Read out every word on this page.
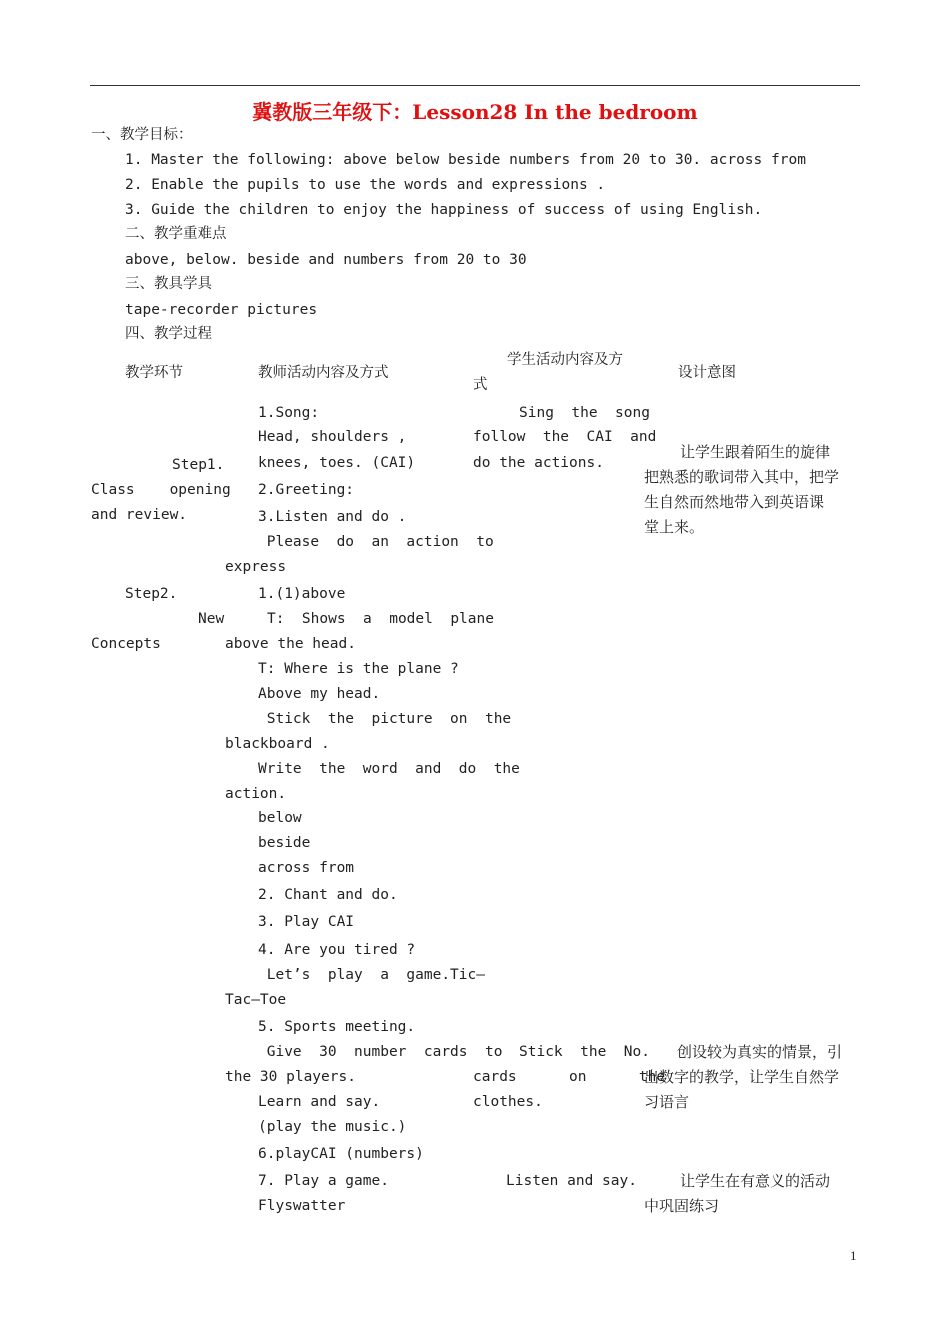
冀教版三年级下：Lesson28 In the bedroom
一、教学目标：
1. Master the following: above below beside numbers from 20 to 30. across from
2. Enable the pupils to use the words and expressions .
3. Guide the children to enjoy the happiness of success of using English.
二、教学重难点
above, below. beside and numbers from 20 to 30
三、教具学具
tape-recorder pictures
四、教学过程
教学环节	教师活动内容及方式
学生活动内容及方
式
设计意图
Step1.
Class    opening
and review.
1.Song:
Head, shoulders ,
knees, toes. (CAI)
2.Greeting:
3.Listen and do .
Please  do  an  action  to
express
Sing  the  song
follow  the  CAI  and
do the actions.
让学生跟着陌生的旋律
把熟悉的歌词带入其中，把学
生自然而然地带入到英语课
堂上来。
Step2.
New
Concepts
1.(1)above
T:  Shows  a  model  plane
above the head.
T: Where is the plane ?
Above my head.
Stick  the  picture  on  the
blackboard .
Write  the  word  and  do  the
action.
below
beside
across from
2. Chant and do.
3. Play CAI
4. Are you tired ?
Let’s  play  a  game.Tic—
Tac—Toe
5. Sports meeting.
Give  30  number  cards  to
the 30 players.
Learn and say.
(play the music.)
6.playCAI (numbers)
7. Play a game.
Flyswatter
Stick  the  No.
cards      on      the
clothes.
创设较为真实的情景，引
出数字的教学，让学生自然学
习语言
Listen and say.	让学生在有意义的活动
中巩固练习
1
